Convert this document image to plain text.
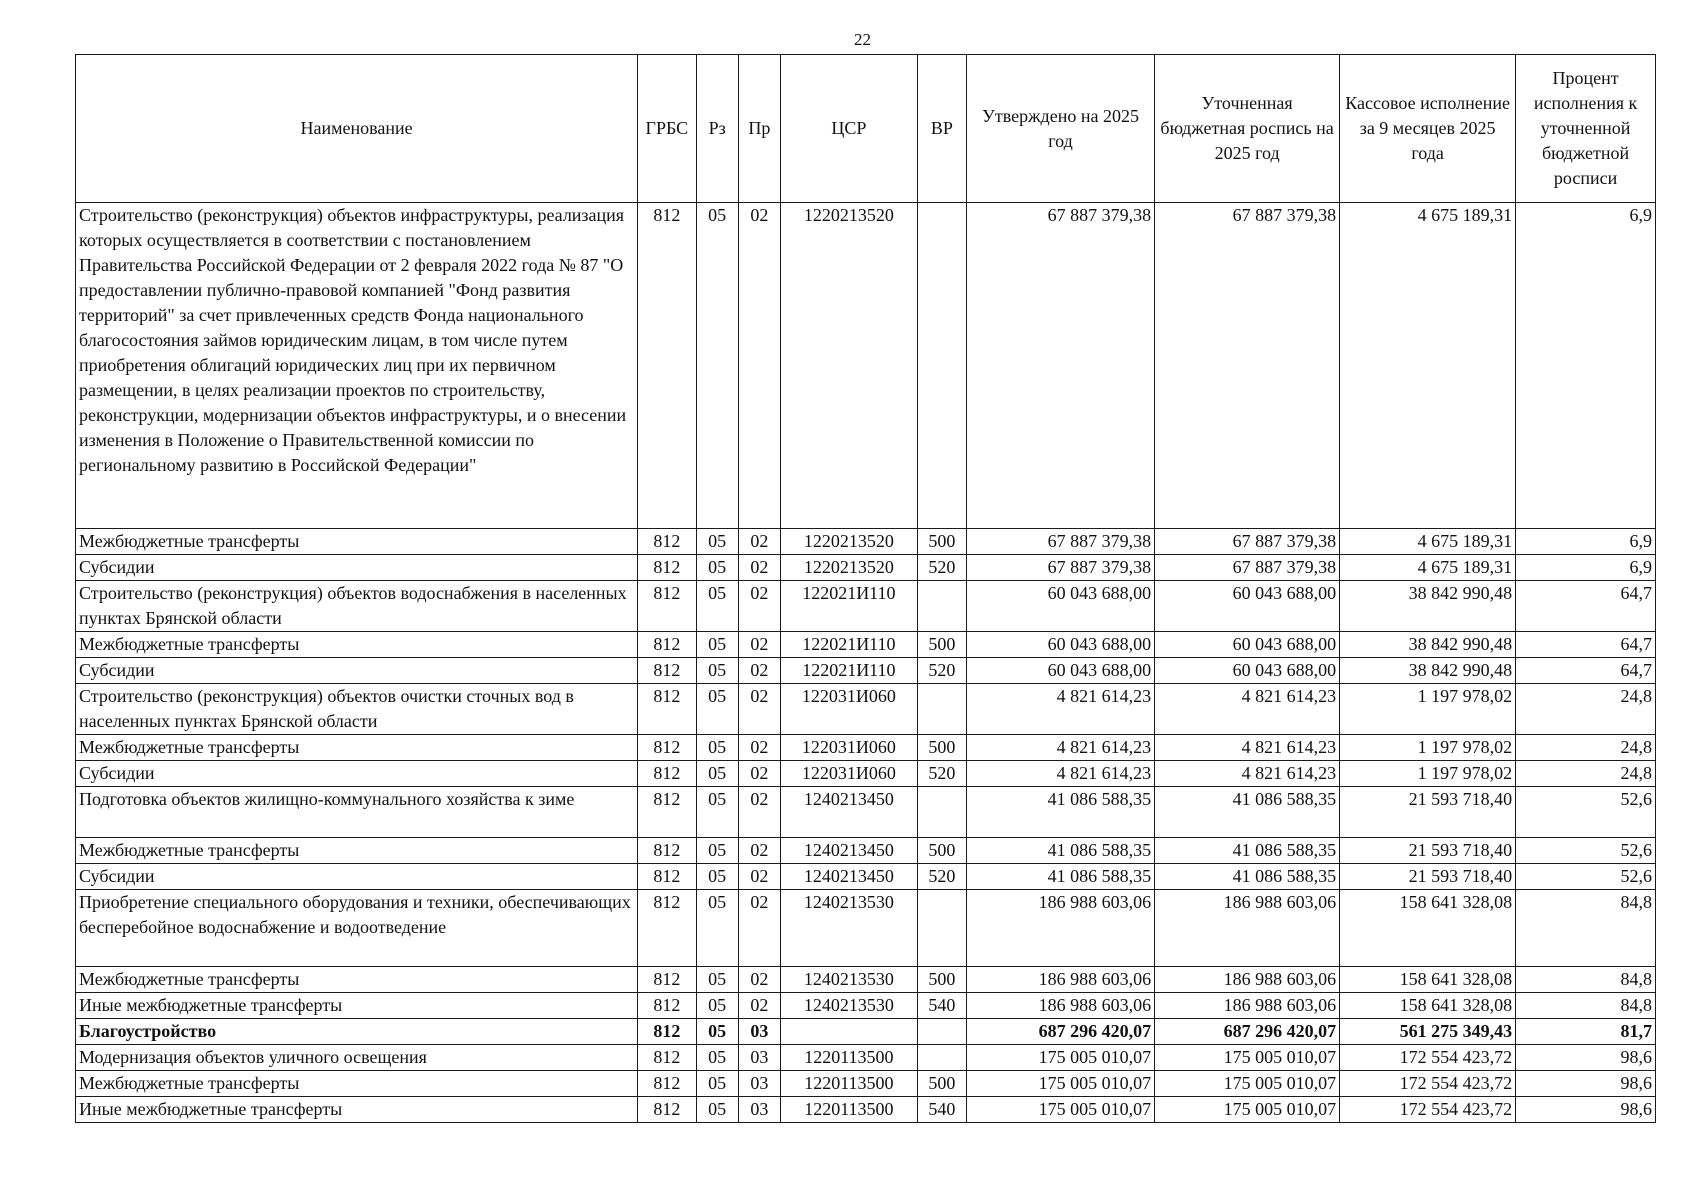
22
Наименование	ГРБС	Рз	Пр	ЦСР	ВР	Утверждено на 2025 год	Уточненная бюджетная роспись на 2025 год	Кассовое исполнение за 9 месяцев 2025 года	Процент исполнения к уточненной бюджетной росписи
Строительство (реконструкция) объектов инфраструктуры, реализация которых осуществляется в соответствии с постановлением Правительства Российской Федерации от 2 февраля 2022 года № 87 "О предоставлении публично-правовой компанией "Фонд развития территорий" за счет привлеченных средств Фонда национального благосостояния займов юридическим лицам, в том числе путем приобретения облигаций юридических лиц при их первичном размещении, в целях реализации проектов по строительству, реконструкции, модернизации объектов инфраструктуры, и о внесении изменения в Положение о Правительственной комиссии по региональному развитию в Российской Федерации"	812	05	02	1220213520		67 887 379,38	67 887 379,38	4 675 189,31	6,9
Межбюджетные трансферты	812	05	02	1220213520	500	67 887 379,38	67 887 379,38	4 675 189,31	6,9
Субсидии	812	05	02	1220213520	520	67 887 379,38	67 887 379,38	4 675 189,31	6,9
Строительство (реконструкция) объектов водоснабжения в населенных пунктах Брянской области	812	05	02	122021И110		60 043 688,00	60 043 688,00	38 842 990,48	64,7
Межбюджетные трансферты	812	05	02	122021И110	500	60 043 688,00	60 043 688,00	38 842 990,48	64,7
Субсидии	812	05	02	122021И110	520	60 043 688,00	60 043 688,00	38 842 990,48	64,7
Строительство (реконструкция) объектов очистки сточных вод в населенных пунктах Брянской области	812	05	02	122031И060		4 821 614,23	4 821 614,23	1 197 978,02	24,8
Межбюджетные трансферты	812	05	02	122031И060	500	4 821 614,23	4 821 614,23	1 197 978,02	24,8
Субсидии	812	05	02	122031И060	520	4 821 614,23	4 821 614,23	1 197 978,02	24,8
Подготовка объектов жилищно-коммунального хозяйства к зиме	812	05	02	1240213450		41 086 588,35	41 086 588,35	21 593 718,40	52,6
Межбюджетные трансферты	812	05	02	1240213450	500	41 086 588,35	41 086 588,35	21 593 718,40	52,6
Субсидии	812	05	02	1240213450	520	41 086 588,35	41 086 588,35	21 593 718,40	52,6
Приобретение специального оборудования и техники, обеспечивающих бесперебойное водоснабжение и водоотведение	812	05	02	1240213530		186 988 603,06	186 988 603,06	158 641 328,08	84,8
Межбюджетные трансферты	812	05	02	1240213530	500	186 988 603,06	186 988 603,06	158 641 328,08	84,8
Иные межбюджетные трансферты	812	05	02	1240213530	540	186 988 603,06	186 988 603,06	158 641 328,08	84,8
Благоустройство	812	05	03			687 296 420,07	687 296 420,07	561 275 349,43	81,7
Модернизация объектов уличного освещения	812	05	03	1220113500		175 005 010,07	175 005 010,07	172 554 423,72	98,6
Межбюджетные трансферты	812	05	03	1220113500	500	175 005 010,07	175 005 010,07	172 554 423,72	98,6
Иные межбюджетные трансферты	812	05	03	1220113500	540	175 005 010,07	175 005 010,07	172 554 423,72	98,6
